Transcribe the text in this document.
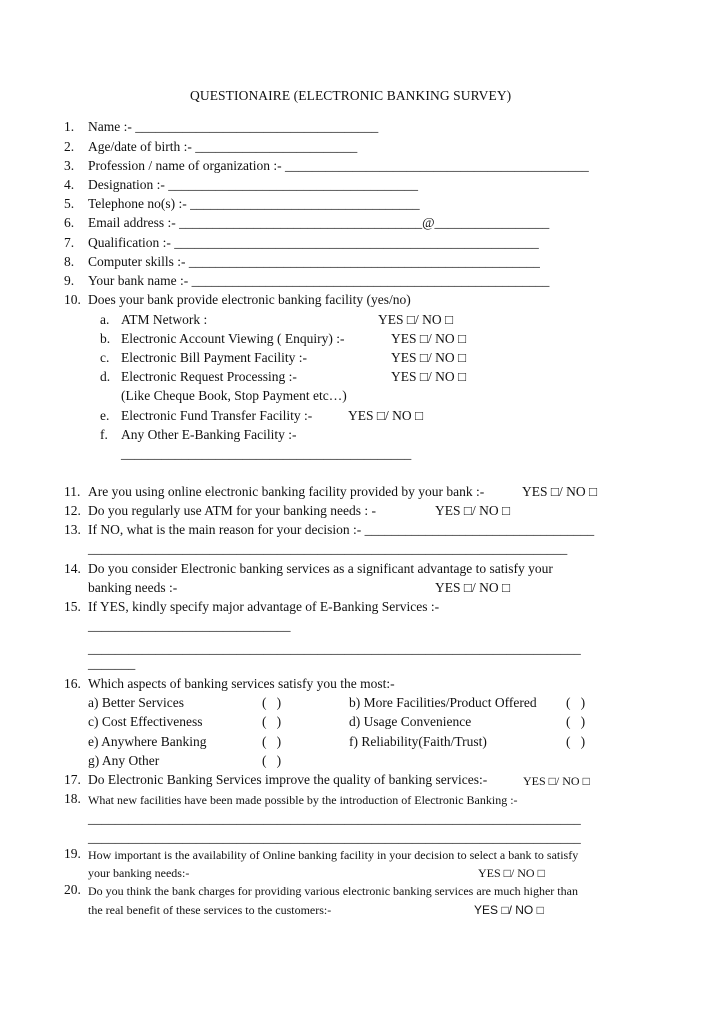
QUESTIONAIRE (ELECTRONIC BANKING SURVEY)
1. Name :- ____________________________________
2. Age/date of birth :- ________________________
3. Profession / name of organization :- _____________________________________________
4. Designation :- _____________________________________
5. Telephone no(s) :- __________________________________
6. Email address :- ____________________________________@_________________
7. Qualification :- ______________________________________________________
8. Computer skills :- ____________________________________________________
9. Your bank name :- _____________________________________________________
10. Does your bank provide electronic banking facility (yes/no)
a. ATM Network :	YES □/ NO □
b. Electronic Account Viewing ( Enquiry) :-	YES □/ NO □
c. Electronic Bill Payment Facility :-	YES □/ NO □
d. Electronic Request Processing :-	YES □/ NO □
(Like Cheque Book, Stop Payment etc…)
e. Electronic Fund Transfer Facility :-	YES □/ NO □
f. Any Other E-Banking Facility :-
___________________________________________
11. Are you using online electronic banking facility provided by your bank :-	YES □/ NO □
12. Do you regularly use ATM for your banking needs : -	YES □/ NO □
13. If NO, what is the main reason for your decision :- __________________________________
_______________________________________________________________________
14. Do you consider Electronic banking services as a significant advantage to satisfy your
banking needs :-	YES □/ NO □
15. If YES, kindly specify major advantage of E-Banking Services :-
______________________________
_________________________________________________________________________
_______
16. Which aspects of banking services satisfy you the most:-
a) Better Services	(   )	b) More Facilities/Product Offered (   )
c) Cost Effectiveness	(   )	d) Usage Convenience	(   )
e) Anywhere Banking	(   )	f) Reliability(Faith/Trust)	(   )
g) Any Other	(   )
17. Do Electronic Banking Services improve the quality of banking services:-	YES □/ NO □
18. What new facilities have been made possible by the introduction of Electronic Banking :-
_________________________________________________________________________
_________________________________________________________________________
19. How important is the availability of Online banking facility in your decision to select a bank to satisfy
your banking needs:-	YES □/ NO □
20. Do you think the bank charges for providing various electronic banking services are much higher than
the real benefit of these services to the customers:-	YES □/ NO □
